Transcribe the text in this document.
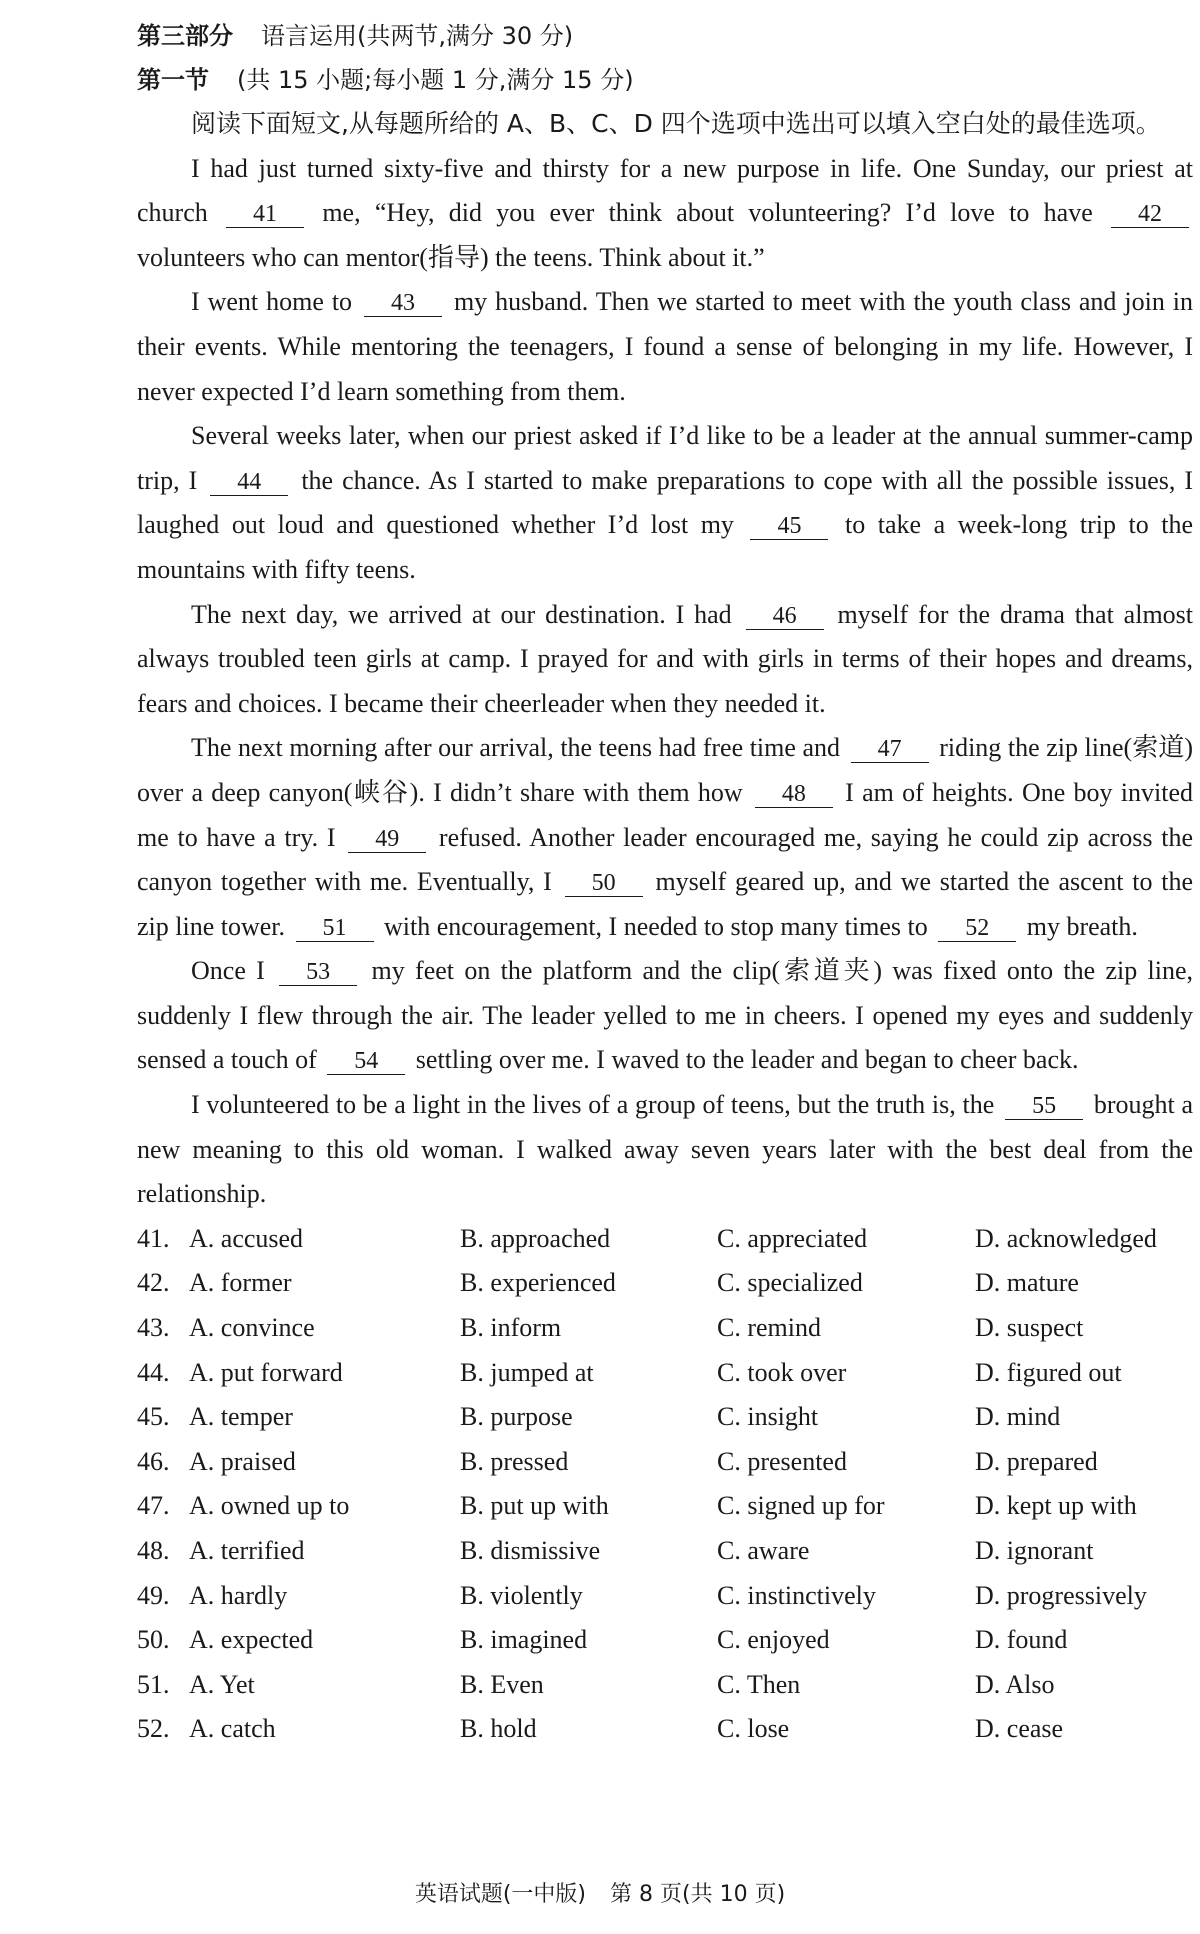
第三部分 语言运用(共两节,满分 30 分)
第一节 (共 15 小题;每小题 1 分,满分 15 分)

阅读下面短文,从每题所给的 A、B、C、D 四个选项中选出可以填入空白处的最佳选项。

I had just turned sixty-five and thirsty for a new purpose in life. One Sunday, our priest at church 41 me, “Hey, did you ever think about volunteering? I’d love to have 42 volunteers who can mentor(指导) the teens. Think about it.”

I went home to 43 my husband. Then we started to meet with the youth class and join in their events. While mentoring the teenagers, I found a sense of belonging in my life. However, I never expected I’d learn something from them.

Several weeks later, when our priest asked if I’d like to be a leader at the annual summer-camp trip, I 44 the chance. As I started to make preparations to cope with all the possible issues, I laughed out loud and questioned whether I’d lost my 45 to take a week-long trip to the mountains with fifty teens.

The next day, we arrived at our destination. I had 46 myself for the drama that almost always troubled teen girls at camp. I prayed for and with girls in terms of their hopes and dreams, fears and choices. I became their cheerleader when they needed it.

The next morning after our arrival, the teens had free time and 47 riding the zip line(索道) over a deep canyon(峡谷). I didn’t share with them how 48 I am of heights. One boy invited me to have a try. I 49 refused. Another leader encouraged me, saying he could zip across the canyon together with me. Eventually, I 50 myself geared up, and we started the ascent to the zip line tower. 51 with encouragement, I needed to stop many times to 52 my breath.

Once I 53 my feet on the platform and the clip(索道夹) was fixed onto the zip line, suddenly I flew through the air. The leader yelled to me in cheers. I opened my eyes and suddenly sensed a touch of 54 settling over me. I waved to the leader and began to cheer back.

I volunteered to be a light in the lives of a group of teens, but the truth is, the 55 brought a new meaning to this old woman. I walked away seven years later with the best deal from the relationship.

41. A. accused	B. approached	C. appreciated	D. acknowledged
42. A. former	B. experienced	C. specialized	D. mature
43. A. convince	B. inform	C. remind	D. suspect
44. A. put forward	B. jumped at	C. took over	D. figured out
45. A. temper	B. purpose	C. insight	D. mind
46. A. praised	B. pressed	C. presented	D. prepared
47. A. owned up to	B. put up with	C. signed up for	D. kept up with
48. A. terrified	B. dismissive	C. aware	D. ignorant
49. A. hardly	B. violently	C. instinctively	D. progressively
50. A. expected	B. imagined	C. enjoyed	D. found
51. A. Yet	B. Even	C. Then	D. Also
52. A. catch	B. hold	C. lose	D. cease
英语试题(一中版) 第 8 页(共 10 页)
